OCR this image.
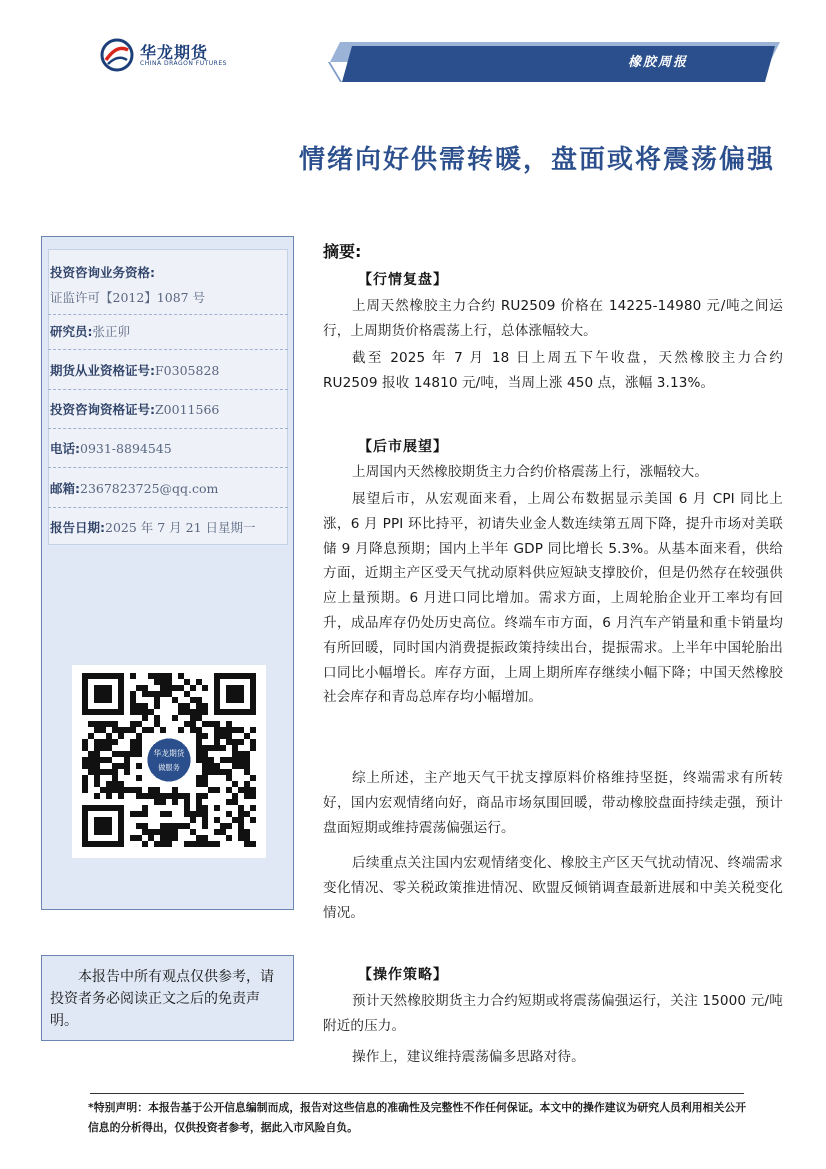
华龙期货
CHINA DRAGON FUTURES	橡胶周报
情绪向好供需转暖，盘面或将震荡偏强
投资咨询业务资格:
证监许可【2012】1087 号
研究员:张正卯
期货从业资格证号:F0305828
投资咨询资格证号:Z0011566
电话:0931-8894545
邮箱:2367823725@qq.com
报告日期:2025 年 7 月 21 日星期一
华龙期货
做服务
本报告中所有观点仅供参考，请投资者务必阅读正文之后的免责声明。
摘要:
【行情复盘】
上周天然橡胶主力合约 RU2509 价格在 14225-14980 元/吨之间运行，上周期货价格震荡上行，总体涨幅较大。
截至 2025 年 7 月 18 日上周五下午收盘，天然橡胶主力合约 RU2509 报收 14810 元/吨，当周上涨 450 点，涨幅 3.13%。
【后市展望】
上周国内天然橡胶期货主力合约价格震荡上行，涨幅较大。
展望后市，从宏观面来看，上周公布数据显示美国 6 月 CPI 同比上涨，6 月 PPI 环比持平，初请失业金人数连续第五周下降，提升市场对美联储 9 月降息预期；国内上半年 GDP 同比增长 5.3%。从基本面来看，供给方面，近期主产区受天气扰动原料供应短缺支撑胶价，但是仍然存在较强供应上量预期。6 月进口同比增加。需求方面，上周轮胎企业开工率均有回升，成品库存仍处历史高位。终端车市方面，6 月汽车产销量和重卡销量均有所回暖，同时国内消费提振政策持续出台，提振需求。上半年中国轮胎出口同比小幅增长。库存方面，上周上期所库存继续小幅下降；中国天然橡胶社会库存和青岛总库存均小幅增加。
综上所述，主产地天气干扰支撑原料价格维持坚挺，终端需求有所转好，国内宏观情绪向好，商品市场氛围回暖，带动橡胶盘面持续走强，预计盘面短期或维持震荡偏强运行。
后续重点关注国内宏观情绪变化、橡胶主产区天气扰动情况、终端需求变化情况、零关税政策推进情况、欧盟反倾销调查最新进展和中美关税变化情况。
【操作策略】
预计天然橡胶期货主力合约短期或将震荡偏强运行，关注 15000 元/吨附近的压力。
操作上，建议维持震荡偏多思路对待。
*特别声明：本报告基于公开信息编制而成，报告对这些信息的准确性及完整性不作任何保证。本文中的操作建议为研究人员利用相关公开信息的分析得出，仅供投资者参考，据此入市风险自负。
